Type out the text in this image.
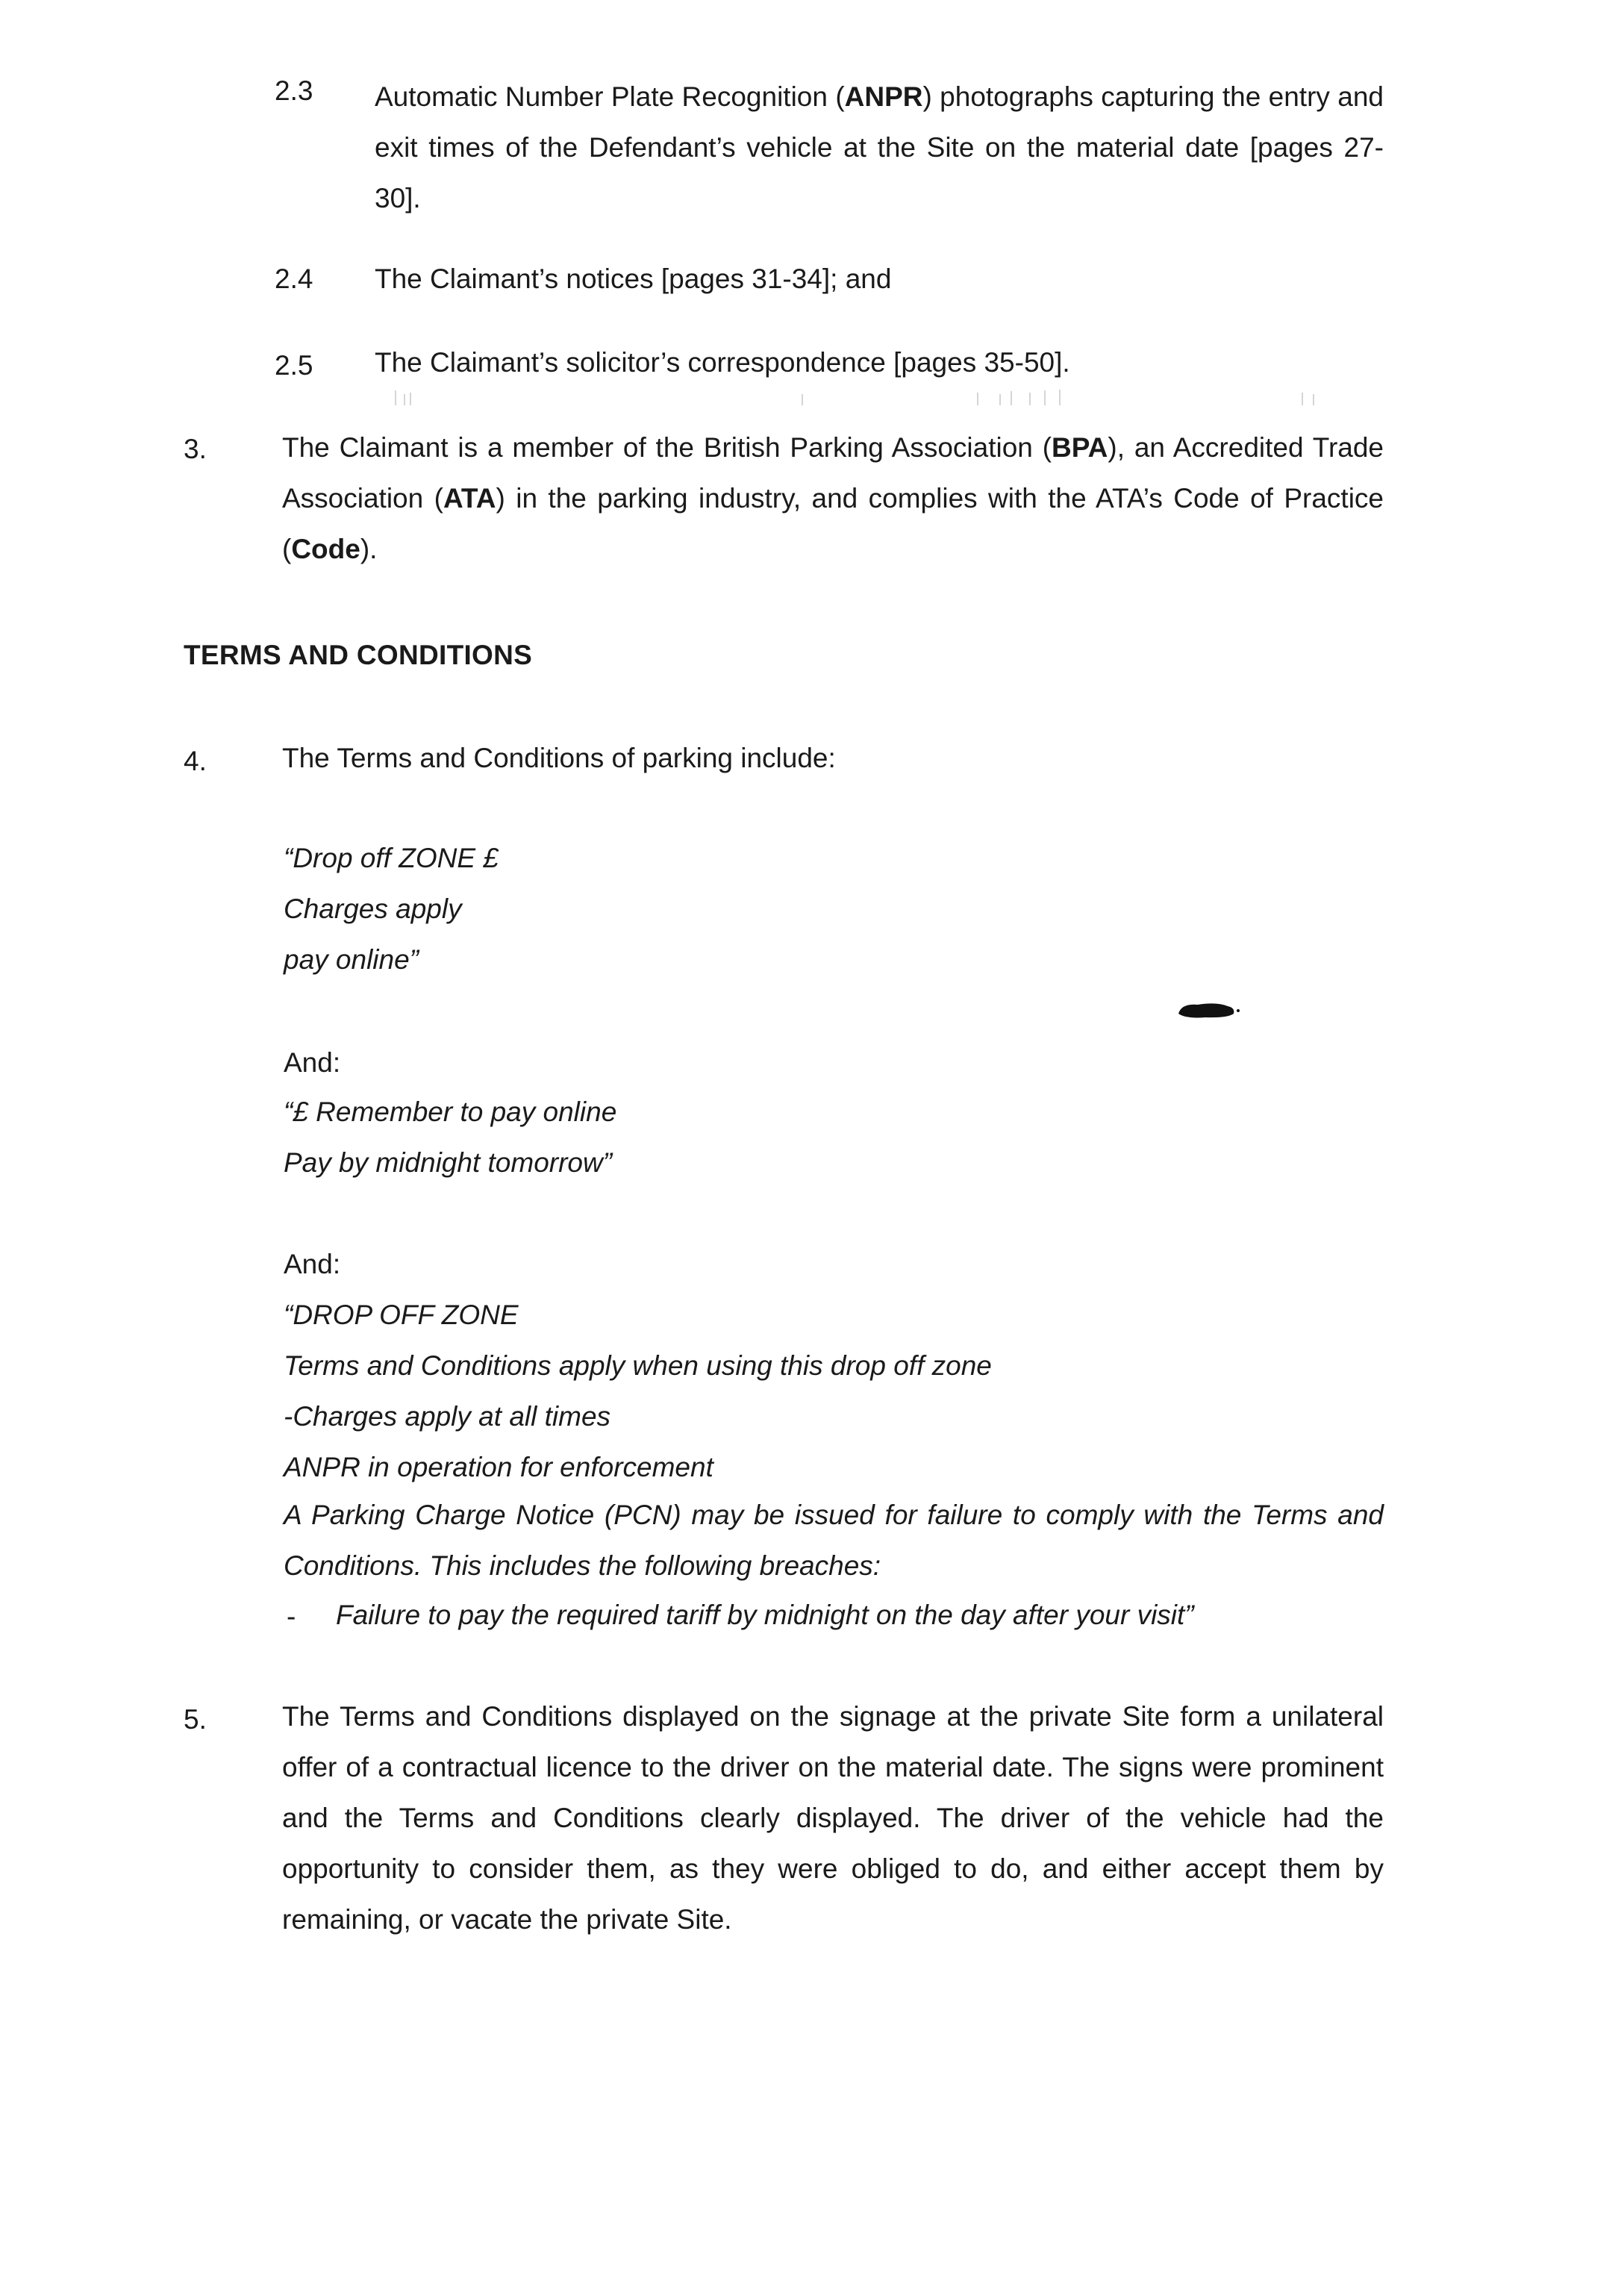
2.3 Automatic Number Plate Recognition (ANPR) photographs capturing the entry and exit times of the Defendant’s vehicle at the Site on the material date [pages 27-30].

2.4 The Claimant’s notices [pages 31-34]; and

2.5 The Claimant’s solicitor’s correspondence [pages 35-50].

3.	The Claimant is a member of the British Parking Association (BPA), an Accredited Trade Association (ATA) in the parking industry, and complies with the ATA’s Code of Practice (Code).

TERMS AND CONDITIONS
4.	The Terms and Conditions of parking include:

“Drop off ZONE £
Charges apply
pay online”
And:
“£ Remember to pay online
Pay by midnight tomorrow”
And:
“DROP OFF ZONE
Terms and Conditions apply when using this drop off zone
-Charges apply at all times
ANPR in operation for enforcement

A Parking Charge Notice (PCN) may be issued for failure to comply with the Terms and Conditions. This includes the following breaches:

- Failure to pay the required tariff by midnight on the day after your visit”
5.	The Terms and Conditions displayed on the signage at the private Site form a unilateral offer of a contractual licence to the driver on the material date. The signs were prominent and the Terms and Conditions clearly displayed. The driver of the vehicle had the opportunity to consider them, as they were obliged to do, and either accept them by remaining, or vacate the private Site.
